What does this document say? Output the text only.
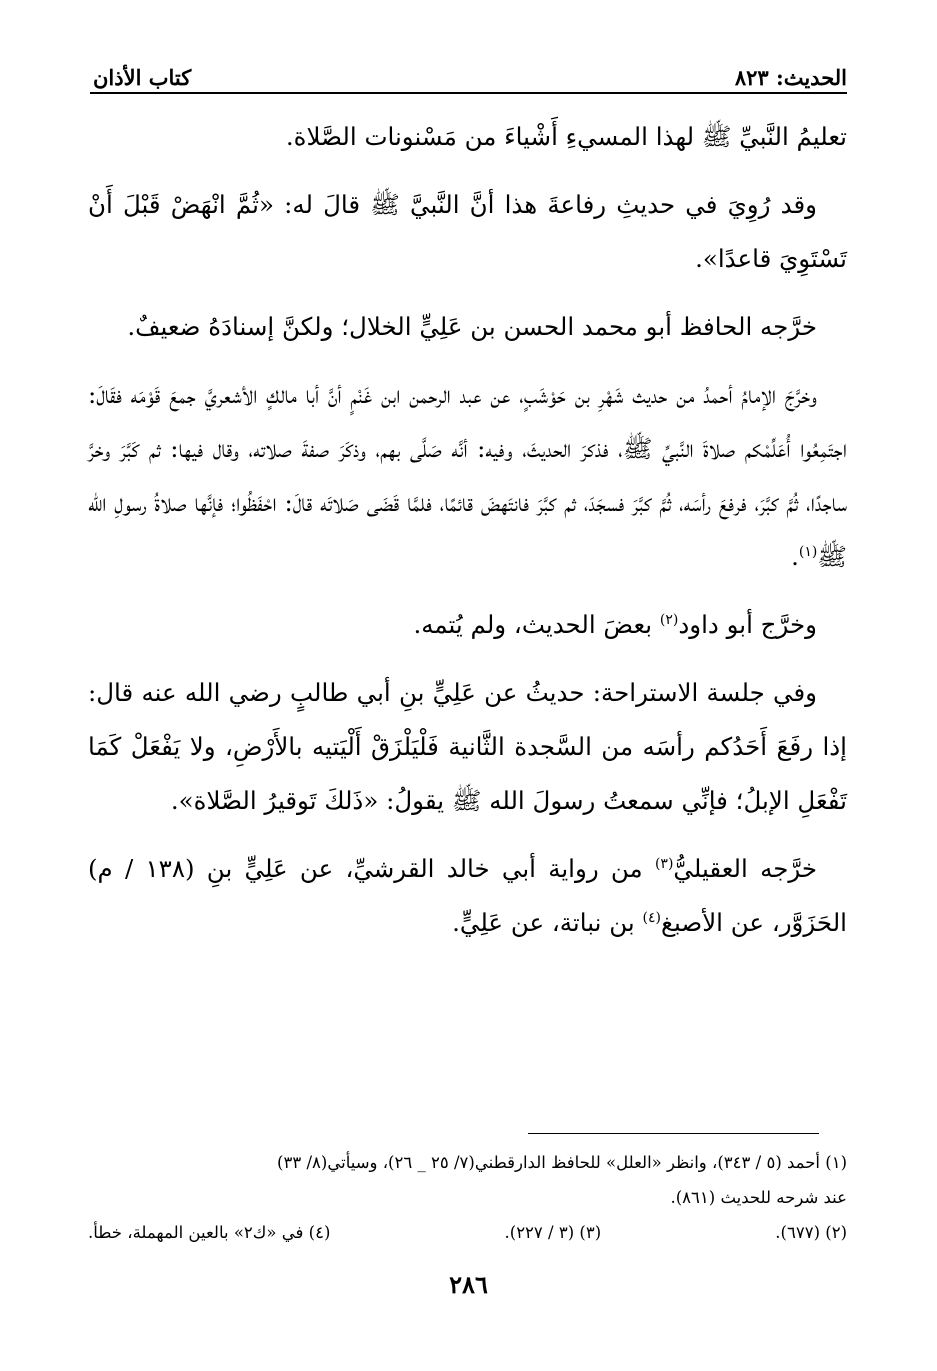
الحديث: ٨٢٣
كتاب الأذان

تعليمُ النَّبيِّ ﷺ لهذا المسيءِ أَشْياءَ من مَسْنونات الصَّلاة.

وقد رُوِيَ في حديثِ رفاعةَ هذا أنَّ النَّبيَّ ﷺ قالَ له: «ثُمَّ انْهَضْ قَبْلَ أَنْ تَسْتَوِيَ قاعدًا».

خرَّجه الحافظ أبو محمد الحسن بن عَلِيٍّ الخلال؛ ولكنَّ إسنادَهُ ضعيفٌ.

وخرَّجَ الإمامُ أحمدُ من حديث شَهْرِ بن حَوْشَبٍ، عن عبد الرحمن ابن غَنْمٍ أنَّ أبا مالكٍ الأشعريَّ جمعَ قَوْمَه فقَالَ: اجتَمِعُوا أُعَلِّمْكم صلاةَ النَّبيِّ ﷺ، فذكرَ الحديثَ، وفيه: أنَّه صَلَّى بهم، وذكَرَ صفةَ صلاته، وقال فيها: ثم كَبَّرَ وخرَّ ساجدًا، ثُمَّ كبَّرَ، فرفعَ رأسَه، ثُمَّ كبَّرَ فسجَدَ، ثم كبَّرَ فانتَهضَ قائمًا، فلمَّا قَضَى صَلاتَه قالَ: احْفَظُوا؛ فإنَّها صلاةُ رسولِ الله ﷺ$^{(١)}$.

وخرَّج أبو داود$^{(٢)}$ بعضَ الحديث، ولم يُتمه.

وفي جلسة الاستراحة: حديثُ عن عَلِيٍّ بنِ أبي طالبٍ رضي الله عنه قال: إذا رفَعَ أَحَدُكم رأسَه من السَّجدة الثَّانية فَلْيَلْزَقْ أَلْيَتيه بالأَرْضِ، ولا يَفْعَلْ كَمَا تَفْعَلِ الإبلُ؛ فإنِّي سمعتُ رسولَ الله ﷺ يقولُ: «ذَلكَ تَوقيرُ الصَّلاة».

خرَّجه العقيليُّ$^{(٣)}$ من رواية أبي خالد القرشيِّ، عن عَلِيٍّ بنِ (١٣٨ / م) الحَزَوَّر، عن الأصبغ$^{(٤)}$ بن نباتة، عن عَلِيٍّ.

(١) أحمد (٥ / ٣٤٣)، وانظر «العلل» للحافظ الدارقطني(٧/ ٢٥ _ ٢٦)، وسيأتي(٨/ ٣٣)
عند شرحه للحديث (٨٦١).
(٢) (٦٧٧).
(٣) (٣ / ٢٢٧).
(٤) في «ك٢» بالعين المهملة، خطأ.
٢٨٦
